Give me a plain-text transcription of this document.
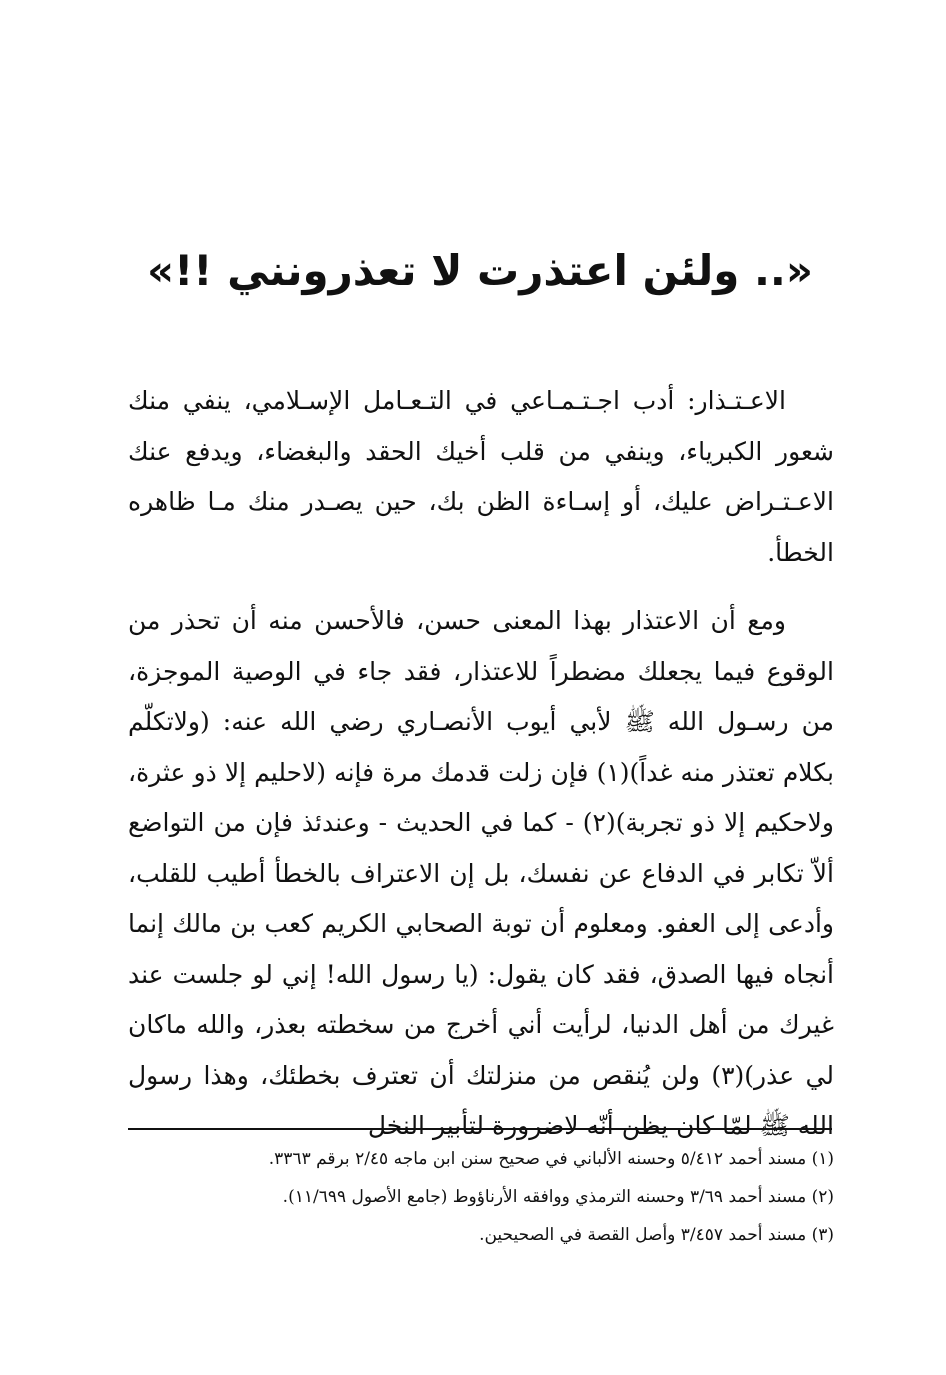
«.. ولئن اعتذرت لا تعذرونني !!»

الاعـتـذار: أدب اجـتـمـاعي في التـعـامل الإسـلامي، ينفي منك شعور الكبرياء، وينفي من قلب أخيك الحقد والبغضاء، ويدفع عنك الاعـتـراض عليك، أو إسـاءة الظن بك، حين يصـدر منك مـا ظاهره الخطأ.

ومع أن الاعتذار بهذا المعنى حسن، فالأحسن منه أن تحذر من الوقوع فيما يجعلك مضطراً للاعتذار، فقد جاء في الوصية الموجزة، من رسـول الله ﷺ لأبي أيوب الأنصـاري رضي الله عنه: (ولاتكلّم بكلام تعتذر منه غداً)(١) فإن زلت قدمك مرة فإنه (لاحليم إلا ذو عثرة، ولاحكيم إلا ذو تجربة)(٢) - كما في الحديث - وعندئذ فإن من التواضع ألاّ تكابر في الدفاع عن نفسك، بل إن الاعتراف بالخطأ أطيب للقلب، وأدعى إلى العفو. ومعلوم أن توبة الصحابي الكريم كعب بن مالك إنما أنجاه فيها الصدق، فقد كان يقول: (يا رسول الله! إني لو جلست عند غيرك من أهل الدنيا، لرأيت أني أخرج من سخطته بعذر، والله ماكان لي عذر)(٣) ولن يُنقص من منزلتك أن تعترف بخطئك، وهذا رسول الله ﷺ لمّا كان يظن أنّه لاضرورة لتأبير النخل

(١) مسند أحمد ٥/٤١٢ وحسنه الألباني في صحيح سنن ابن ماجه ٢/٤٥ برقم ٣٣٦٣.

(٢) مسند أحمد ٣/٦٩ وحسنه الترمذي ووافقه الأرناؤوط (جامع الأصول ١١/٦٩٩).

(٣) مسند أحمد ٣/٤٥٧ وأصل القصة في الصحيحين.
